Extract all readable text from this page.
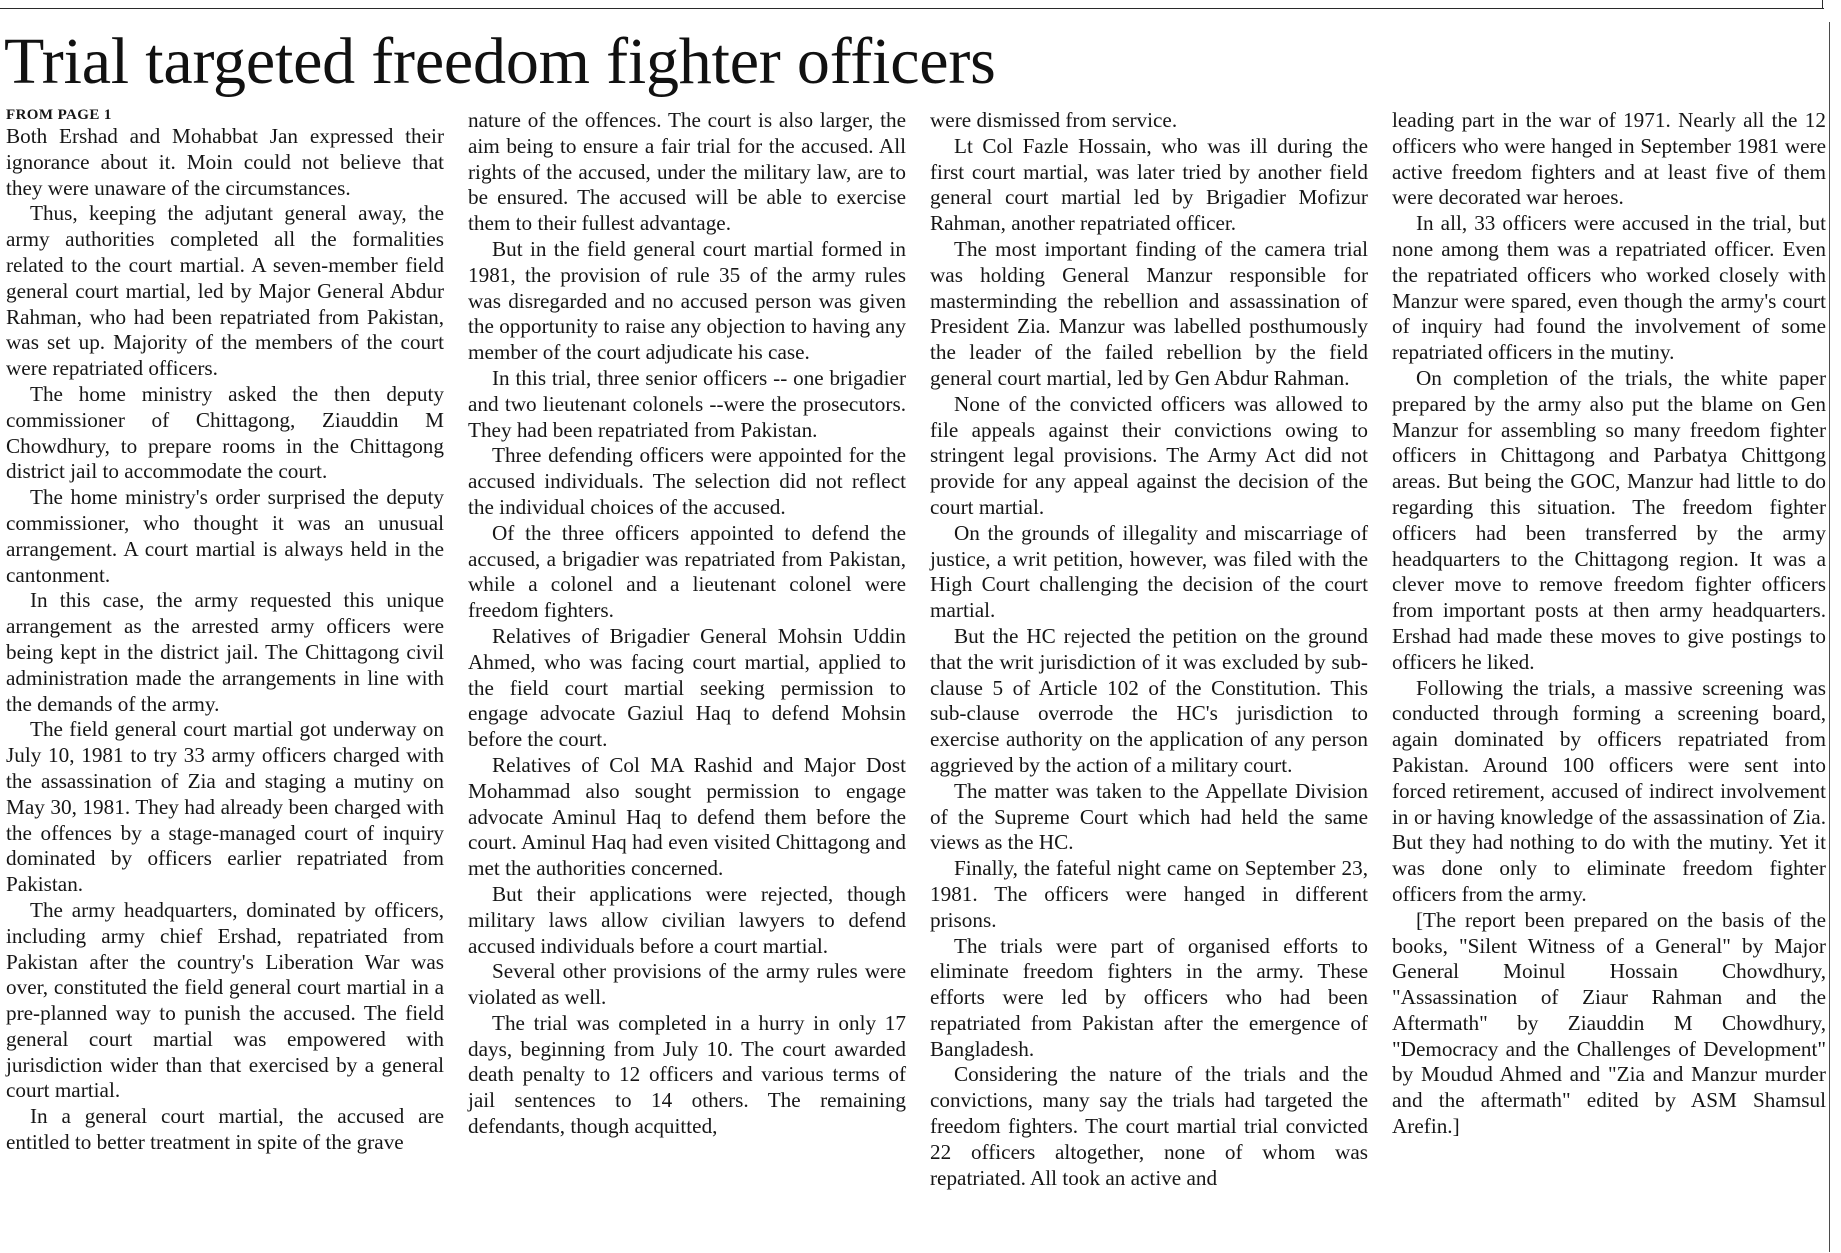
Trial targeted freedom fighter officers
FROM PAGE 1

Both Ershad and Mohabbat Jan expressed their ignorance about it. Moin could not believe that they were unaware of the circumstances.

Thus, keeping the adjutant general away, the army authorities completed all the formalities related to the court martial. A seven-member field general court martial, led by Major General Abdur Rahman, who had been repatriated from Pakistan, was set up. Majority of the members of the court were repatriated officers.

The home ministry asked the then deputy commissioner of Chittagong, Ziauddin M Chowdhury, to prepare rooms in the Chittagong district jail to accommodate the court.

The home ministry's order surprised the deputy commissioner, who thought it was an unusual arrangement. A court martial is always held in the cantonment.

In this case, the army requested this unique arrangement as the arrested army officers were being kept in the district jail. The Chittagong civil administration made the arrangements in line with the demands of the army.

The field general court martial got underway on July 10, 1981 to try 33 army officers charged with the assassination of Zia and staging a mutiny on May 30, 1981. They had already been charged with the offences by a stage-managed court of inquiry dominated by officers earlier repatriated from Pakistan.

The army headquarters, dominated by officers, including army chief Ershad, repatriated from Pakistan after the country's Liberation War was over, constituted the field general court martial in a pre-planned way to punish the accused. The field general court martial was empowered with jurisdiction wider than that exercised by a general court martial.

In a general court martial, the accused are entitled to better treatment in spite of the grave

nature of the offences. The court is also larger, the aim being to ensure a fair trial for the accused. All rights of the accused, under the military law, are to be ensured. The accused will be able to exercise them to their fullest advantage.

But in the field general court martial formed in 1981, the provision of rule 35 of the army rules was disregarded and no accused person was given the opportunity to raise any objection to having any member of the court adjudicate his case.

In this trial, three senior officers -- one brigadier and two lieutenant colonels --were the prosecutors. They had been repatriated from Pakistan.

Three defending officers were appointed for the accused individuals. The selection did not reflect the individual choices of the accused.

Of the three officers appointed to defend the accused, a brigadier was repatriated from Pakistan, while a colonel and a lieutenant colonel were freedom fighters.

Relatives of Brigadier General Mohsin Uddin Ahmed, who was facing court martial, applied to the field court martial seeking permission to engage advocate Gaziul Haq to defend Mohsin before the court.

Relatives of Col MA Rashid and Major Dost Mohammad also sought permission to engage advocate Aminul Haq to defend them before the court. Aminul Haq had even visited Chittagong and met the authorities concerned.

But their applications were rejected, though military laws allow civilian lawyers to defend accused individuals before a court martial.

Several other provisions of the army rules were violated as well.

The trial was completed in a hurry in only 17 days, beginning from July 10. The court awarded death penalty to 12 officers and various terms of jail sentences to 14 others. The remaining defendants, though acquitted,

were dismissed from service.

Lt Col Fazle Hossain, who was ill during the first court martial, was later tried by another field general court martial led by Brigadier Mofizur Rahman, another repatriated officer.

The most important finding of the camera trial was holding General Manzur responsible for masterminding the rebellion and assassination of President Zia. Manzur was labelled posthumously the leader of the failed rebellion by the field general court martial, led by Gen Abdur Rahman.

None of the convicted officers was allowed to file appeals against their convictions owing to stringent legal provisions. The Army Act did not provide for any appeal against the decision of the court martial.

On the grounds of illegality and miscarriage of justice, a writ petition, however, was filed with the High Court challenging the decision of the court martial.

But the HC rejected the petition on the ground that the writ jurisdiction of it was excluded by sub-clause 5 of Article 102 of the Constitution. This sub-clause overrode the HC's jurisdiction to exercise authority on the application of any person aggrieved by the action of a military court.

The matter was taken to the Appellate Division of the Supreme Court which had held the same views as the HC.

Finally, the fateful night came on September 23, 1981. The officers were hanged in different prisons.

The trials were part of organised efforts to eliminate freedom fighters in the army. These efforts were led by officers who had been repatriated from Pakistan after the emergence of Bangladesh.

Considering the nature of the trials and the convictions, many say the trials had targeted the freedom fighters. The court martial trial convicted 22 officers altogether, none of whom was repatriated. All took an active and

leading part in the war of 1971. Nearly all the 12 officers who were hanged in September 1981 were active freedom fighters and at least five of them were decorated war heroes.

In all, 33 officers were accused in the trial, but none among them was a repatriated officer. Even the repatriated officers who worked closely with Manzur were spared, even though the army's court of inquiry had found the involvement of some repatriated officers in the mutiny.

On completion of the trials, the white paper prepared by the army also put the blame on Gen Manzur for assembling so many freedom fighter officers in Chittagong and Parbatya Chittgong areas. But being the GOC, Manzur had little to do regarding this situation. The freedom fighter officers had been transferred by the army headquarters to the Chittagong region. It was a clever move to remove freedom fighter officers from important posts at then army headquarters. Ershad had made these moves to give postings to officers he liked.

Following the trials, a massive screening was conducted through forming a screening board, again dominated by officers repatriated from Pakistan. Around 100 officers were sent into forced retirement, accused of indirect involvement in or having knowledge of the assassination of Zia. But they had nothing to do with the mutiny. Yet it was done only to eliminate freedom fighter officers from the army.

[The report been prepared on the basis of the books, "Silent Witness of a General" by Major General Moinul Hossain Chowdhury, "Assassination of Ziaur Rahman and the Aftermath" by Ziauddin M Chowdhury, "Democracy and the Challenges of Development" by Moudud Ahmed and "Zia and Manzur murder and the aftermath" edited by ASM Shamsul Arefin.]
